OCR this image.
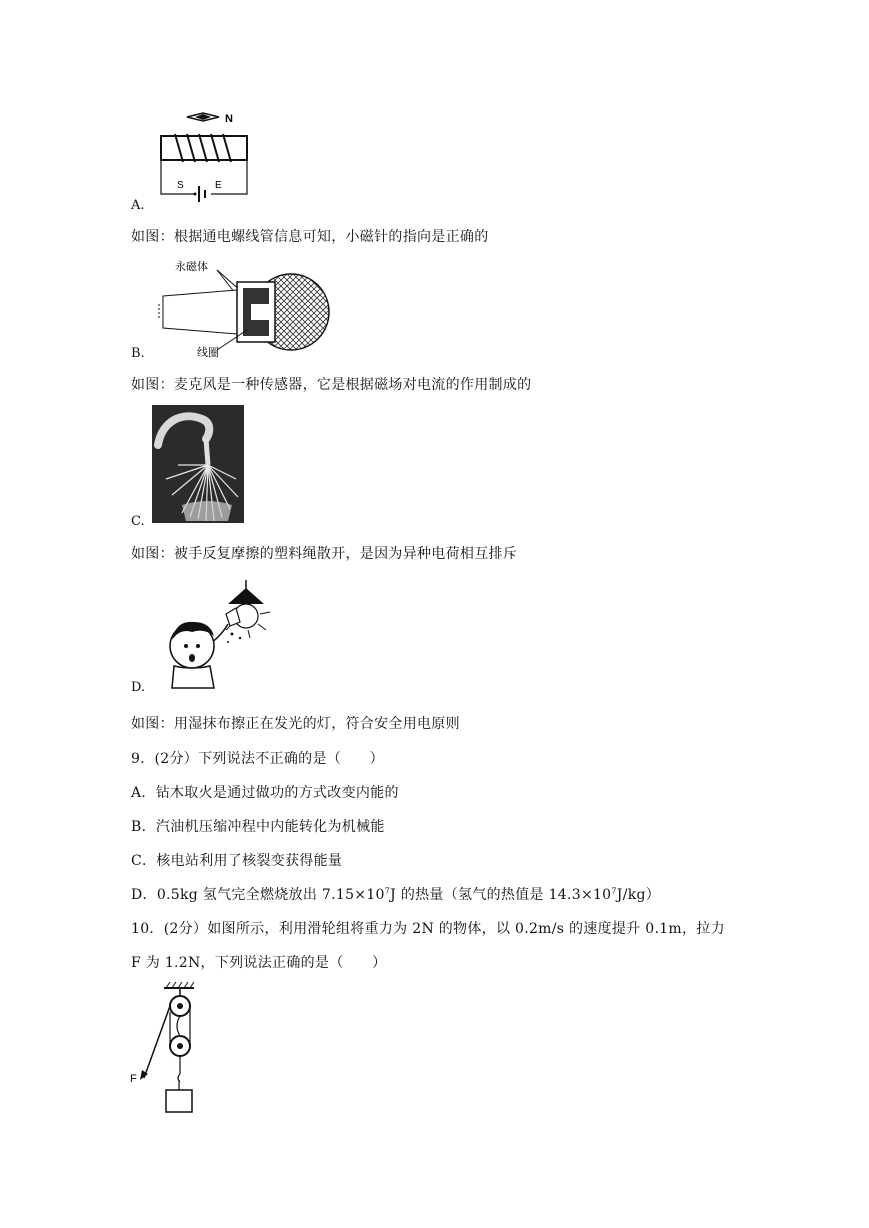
N
S	E
A.
如图：根据通电螺线管信息可知，小磁针的指向是正确的
永磁体
线圈
B.
如图：麦克风是一种传感器，它是根据磁场对电流的作用制成的
C.
如图：被手反复摩擦的塑料绳散开，是因为异种电荷相互排斥
D.
如图：用湿抹布擦正在发光的灯，符合安全用电原则
9．(2分）下列说法不正确的是（　　）
A．钻木取火是通过做功的方式改变内能的
B．汽油机压缩冲程中内能转化为机械能
C．核电站利用了核裂变获得能量
D．0.5kg 氢气完全燃烧放出 $7.15\times 10^7J$ 的热量（氢气的热值是 $14.3\times 10^7J/kg$）
10．(2分）如图所示，利用滑轮组将重力为 2N 的物体，以 0.2m/s 的速度提升 0.1m，拉力
F 为 1.2N，下列说法正确的是（　　）
F
